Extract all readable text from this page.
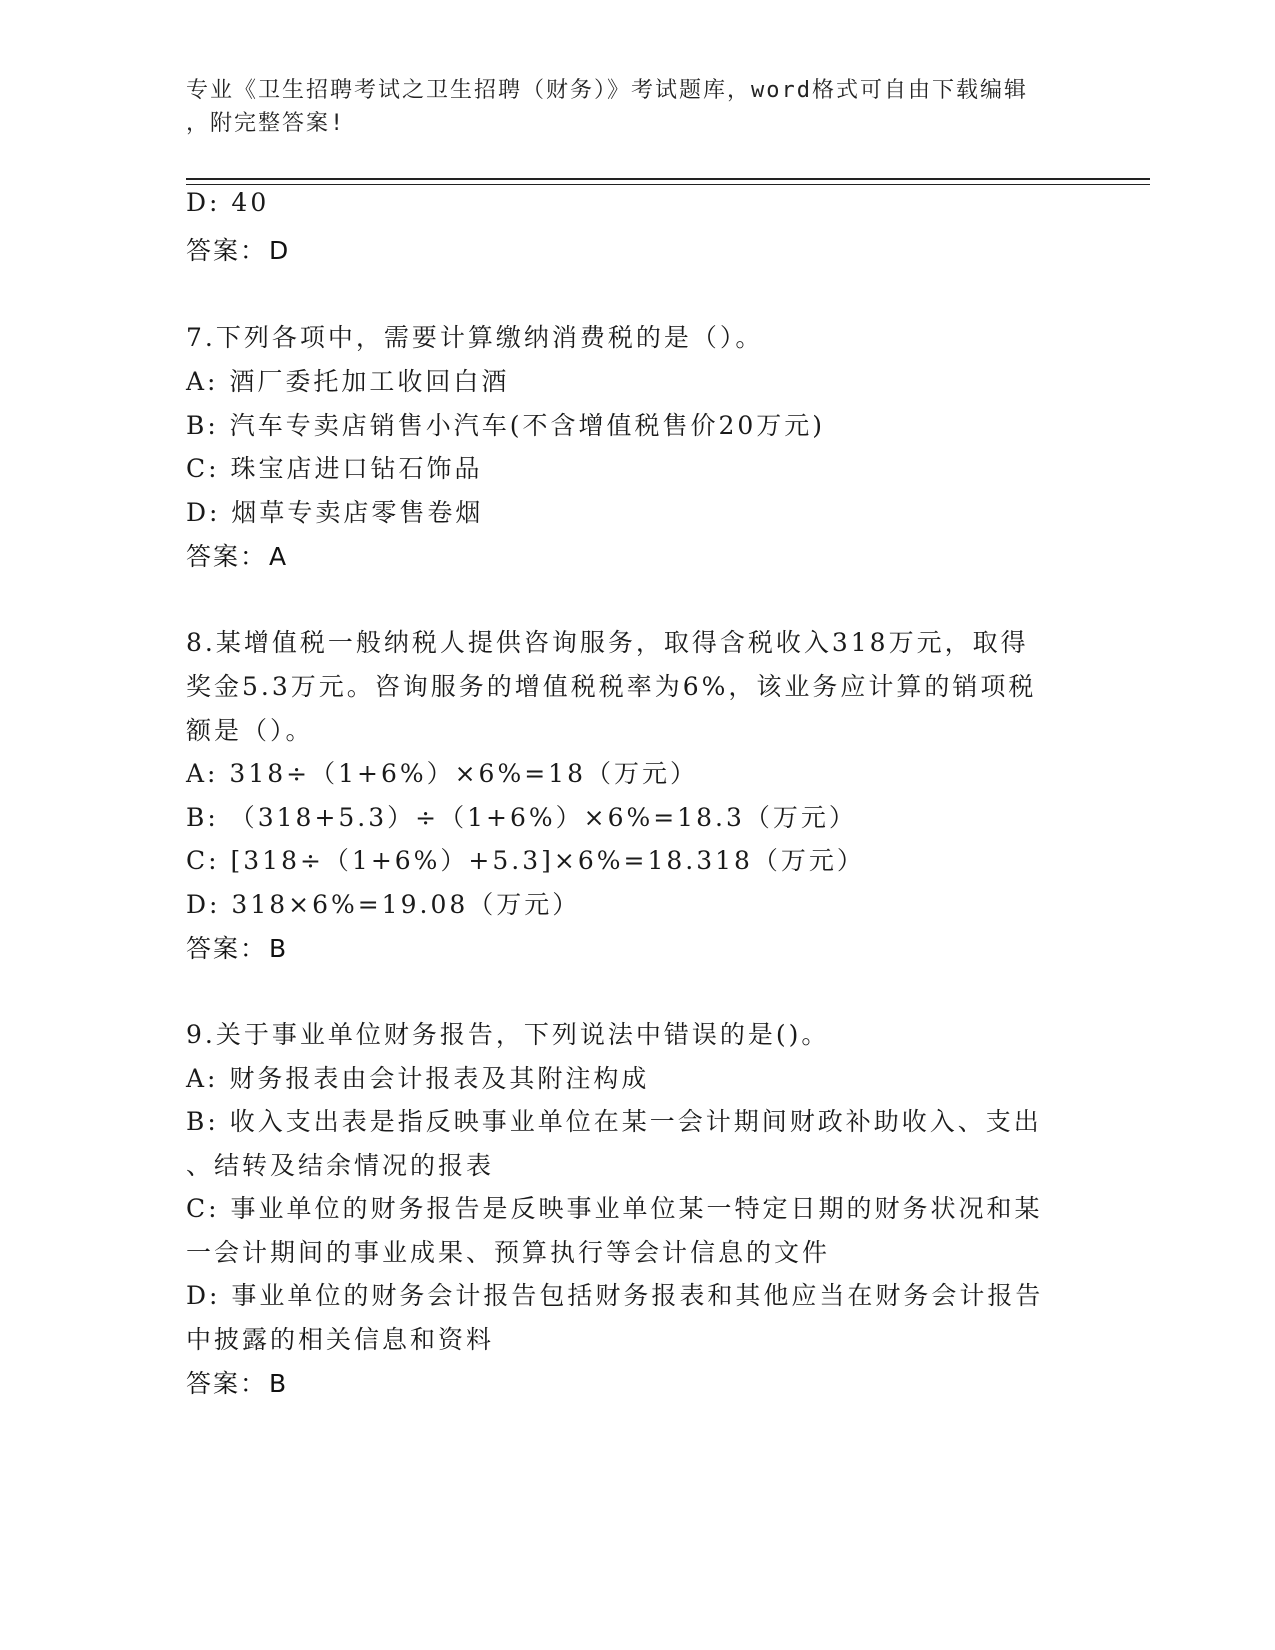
专业《卫生招聘考试之卫生招聘（财务）》考试题库，word格式可自由下载编辑
，附完整答案!
D: 40
答案：D
7.下列各项中，需要计算缴纳消费税的是（）。
A: 酒厂委托加工收回白酒
B: 汽车专卖店销售小汽车(不含增值税售价20万元)
C: 珠宝店进口钻石饰品
D: 烟草专卖店零售卷烟
答案：A
8.某增值税一般纳税人提供咨询服务，取得含税收入318万元，取得
奖金5.3万元。咨询服务的增值税税率为6%，该业务应计算的销项税
额是（）。
A: 318÷（1+6%）×6%=18（万元）
B: （318+5.3）÷（1+6%）×6%=18.3（万元）
C: [318÷（1+6%）+5.3]×6%=18.318（万元）
D: 318×6%=19.08（万元）
答案：B
9.关于事业单位财务报告，下列说法中错误的是()。
A: 财务报表由会计报表及其附注构成
B: 收入支出表是指反映事业单位在某一会计期间财政补助收入、支出
、结转及结余情况的报表
C: 事业单位的财务报告是反映事业单位某一特定日期的财务状况和某
一会计期间的事业成果、预算执行等会计信息的文件
D: 事业单位的财务会计报告包括财务报表和其他应当在财务会计报告
中披露的相关信息和资料
答案：B
